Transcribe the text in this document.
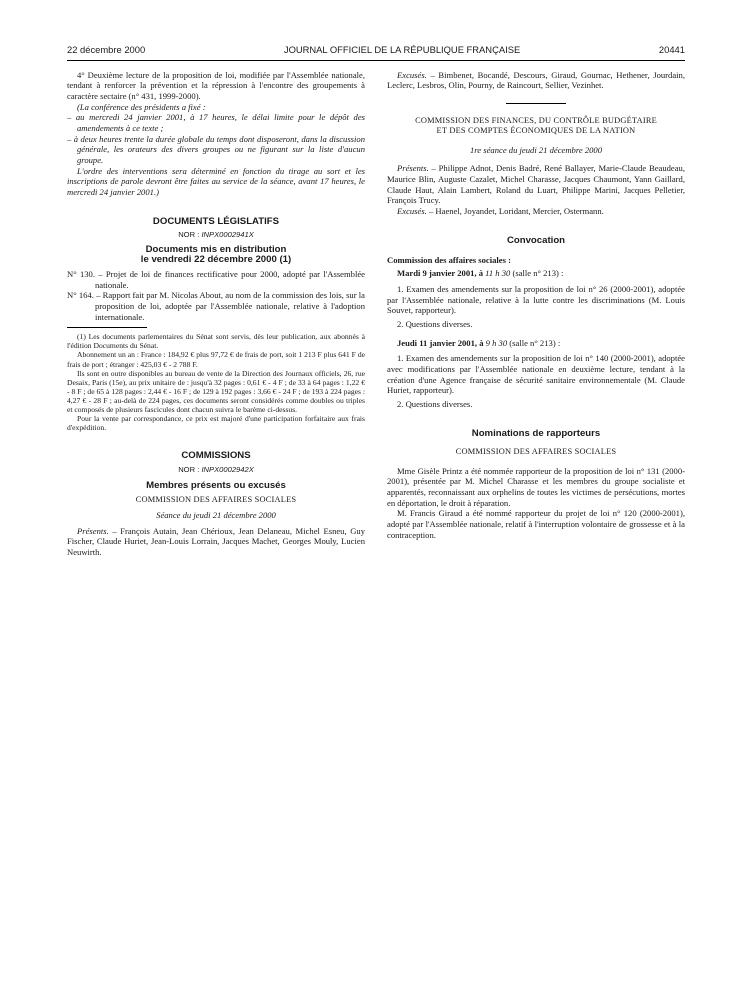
22 décembre 2000	JOURNAL OFFICIEL DE LA RÉPUBLIQUE FRANÇAISE	20441

4° Deuxième lecture de la proposition de loi, modifiée par l'Assemblée nationale, tendant à renforcer la prévention et la répression à l'encontre des groupements à caractère sectaire (n° 431, 1999-2000).

(La conférence des présidents a fixé :

– au mercredi 24 janvier 2001, à 17 heures, le délai limite pour le dépôt des amendements à ce texte ;

– à deux heures trente la durée globale du temps dont disposeront, dans la discussion générale, les orateurs des divers groupes ou ne figurant sur la liste d'aucun groupe.

L'ordre des interventions sera déterminé en fonction du tirage au sort et les inscriptions de parole devront être faites au service de la séance, avant 17 heures, le mercredi 24 janvier 2001.)

DOCUMENTS LÉGISLATIFS
NOR : INPX0002941X
Documents mis en distribution
le vendredi 22 décembre 2000 (1)

N° 130. – Projet de loi de finances rectificative pour 2000, adopté par l'Assemblée nationale.

N° 164. – Rapport fait par M. Nicolas About, au nom de la commission des lois, sur la proposition de loi, adoptée par l'Assemblée nationale, relative à l'adoption internationale.

(1) Les documents parlementaires du Sénat sont servis, dès leur publication, aux abonnés à l'édition Documents du Sénat.

Abonnement un an : France : 184,92 € plus 97,72 € de frais de port, soit 1 213 F plus 641 F de frais de port ; étranger : 425,03 € - 2 788 F.

Ils sont en outre disponibles au bureau de vente de la Direction des Journaux officiels, 26, rue Desaix, Paris (15e), au prix unitaire de : jusqu'à 32 pages : 0,61 € - 4 F ; de 33 à 64 pages : 1,22 € - 8 F ; de 65 à 128 pages : 2,44 € - 16 F ; de 129 à 192 pages : 3,66 € - 24 F ; de 193 à 224 pages : 4,27 € - 28 F ; au-delà de 224 pages, ces documents seront considérés comme doubles ou triples et composés de plusieurs fascicules dont chacun suivra le barème ci-dessus.

Pour la vente par correspondance, ce prix est majoré d'une participation forfaitaire aux frais d'expédition.

COMMISSIONS
NOR : INPX0002942X
Membres présents ou excusés
COMMISSION DES AFFAIRES SOCIALES
Séance du jeudi 21 décembre 2000

Présents. – François Autain, Jean Chérioux, Jean Delaneau, Michel Esneu, Guy Fischer, Claude Huriet, Jean-Louis Lorrain, Jacques Machet, Georges Mouly, Lucien Neuwirth.

Excusés. – Bimbenet, Bocandé, Descours, Giraud, Gournac, Hethener, Jourdain, Leclerc, Lesbros, Olin, Pourny, de Raincourt, Sellier, Vezinhet.

COMMISSION DES FINANCES, DU CONTRÔLE BUDGÉTAIRE
ET DES COMPTES ÉCONOMIQUES DE LA NATION
1re séance du jeudi 21 décembre 2000

Présents. – Philippe Adnot, Denis Badré, René Ballayer, Marie-Claude Beaudeau, Maurice Blin, Auguste Cazalet, Michel Charasse, Jacques Chaumont, Yann Gaillard, Claude Haut, Alain Lambert, Roland du Luart, Philippe Marini, Jacques Pelletier, François Trucy.

Excusés. – Haenel, Joyandet, Loridant, Mercier, Ostermann.

Convocation

Commission des affaires sociales :

Mardi 9 janvier 2001, à 11 h 30 (salle n° 213) :

1. Examen des amendements sur la proposition de loi n° 26 (2000-2001), adoptée par l'Assemblée nationale, relative à la lutte contre les discriminations (M. Louis Souvet, rapporteur).

2. Questions diverses.

Jeudi 11 janvier 2001, à 9 h 30 (salle n° 213) :

1. Examen des amendements sur la proposition de loi n° 140 (2000-2001), adoptée avec modifications par l'Assemblée nationale en deuxième lecture, tendant à la création d'une Agence française de sécurité sanitaire environnementale (M. Claude Huriet, rapporteur).

2. Questions diverses.

Nominations de rapporteurs
COMMISSION DES AFFAIRES SOCIALES

Mme Gisèle Printz a été nommée rapporteur de la proposition de loi n° 131 (2000-2001), présentée par M. Michel Charasse et les membres du groupe socialiste et apparentés, reconnaissant aux orphelins de toutes les victimes de persécutions, mortes en déportation, le droit à réparation.

M. Francis Giraud a été nommé rapporteur du projet de loi n° 120 (2000-2001), adopté par l'Assemblée nationale, relatif à l'interruption volontaire de grossesse et à la contraception.
